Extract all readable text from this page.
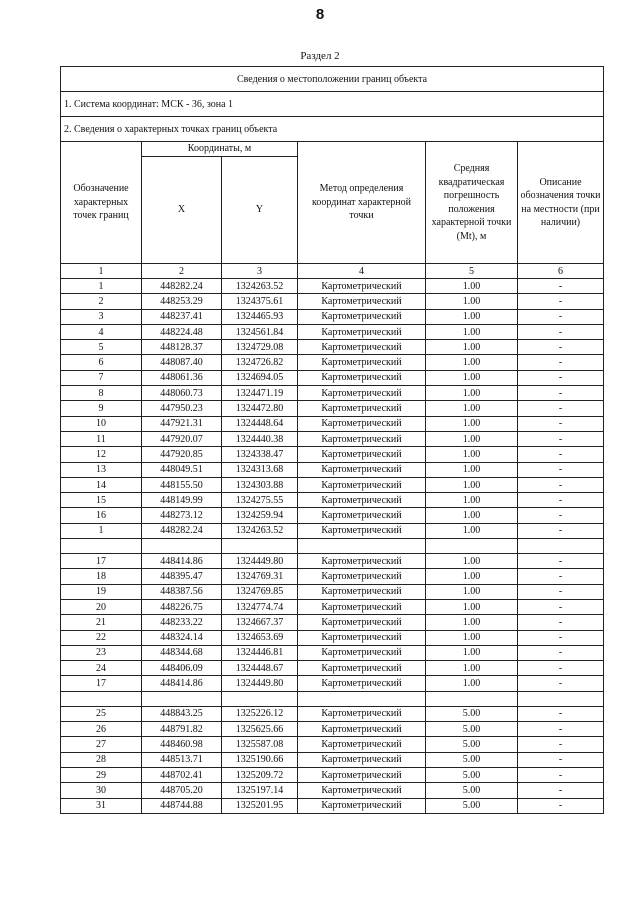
8
Раздел 2
Сведения о местоположении границ объекта					
1. Система координат: МСК - 36, зона 1					
2. Сведения о характерных точках границ объекта					
Обозначение характерных точек границ	Координаты, м		Метод определения координат характерной точки	Средняя квадратическая погрешность положения характерной точки (Mt), м	Описание обозначения точки на местности (при наличии)
	X	Y			
1	2	3	4	5	6
1	448282.24	1324263.52	Картометрический	1.00	-
2	448253.29	1324375.61	Картометрический	1.00	-
3	448237.41	1324465.93	Картометрический	1.00	-
4	448224.48	1324561.84	Картометрический	1.00	-
5	448128.37	1324729.08	Картометрический	1.00	-
6	448087.40	1324726.82	Картометрический	1.00	-
7	448061.36	1324694.05	Картометрический	1.00	-
8	448060.73	1324471.19	Картометрический	1.00	-
9	447950.23	1324472.80	Картометрический	1.00	-
10	447921.31	1324448.64	Картометрический	1.00	-
11	447920.07	1324440.38	Картометрический	1.00	-
12	447920.85	1324338.47	Картометрический	1.00	-
13	448049.51	1324313.68	Картометрический	1.00	-
14	448155.50	1324303.88	Картометрический	1.00	-
15	448149.99	1324275.55	Картометрический	1.00	-
16	448273.12	1324259.94	Картометрический	1.00	-
1	448282.24	1324263.52	Картометрический	1.00	-

17	448414.86	1324449.80	Картометрический	1.00	-
18	448395.47	1324769.31	Картометрический	1.00	-
19	448387.56	1324769.85	Картометрический	1.00	-
20	448226.75	1324774.74	Картометрический	1.00	-
21	448233.22	1324667.37	Картометрический	1.00	-
22	448324.14	1324653.69	Картометрический	1.00	-
23	448344.68	1324446.81	Картометрический	1.00	-
24	448406.09	1324448.67	Картометрический	1.00	-
17	448414.86	1324449.80	Картометрический	1.00	-

25	448843.25	1325226.12	Картометрический	5.00	-
26	448791.82	1325625.66	Картометрический	5.00	-
27	448460.98	1325587.08	Картометрический	5.00	-
28	448513.71	1325190.66	Картометрический	5.00	-
29	448702.41	1325209.72	Картометрический	5.00	-
30	448705.20	1325197.14	Картометрический	5.00	-
31	448744.88	1325201.95	Картометрический	5.00	-
